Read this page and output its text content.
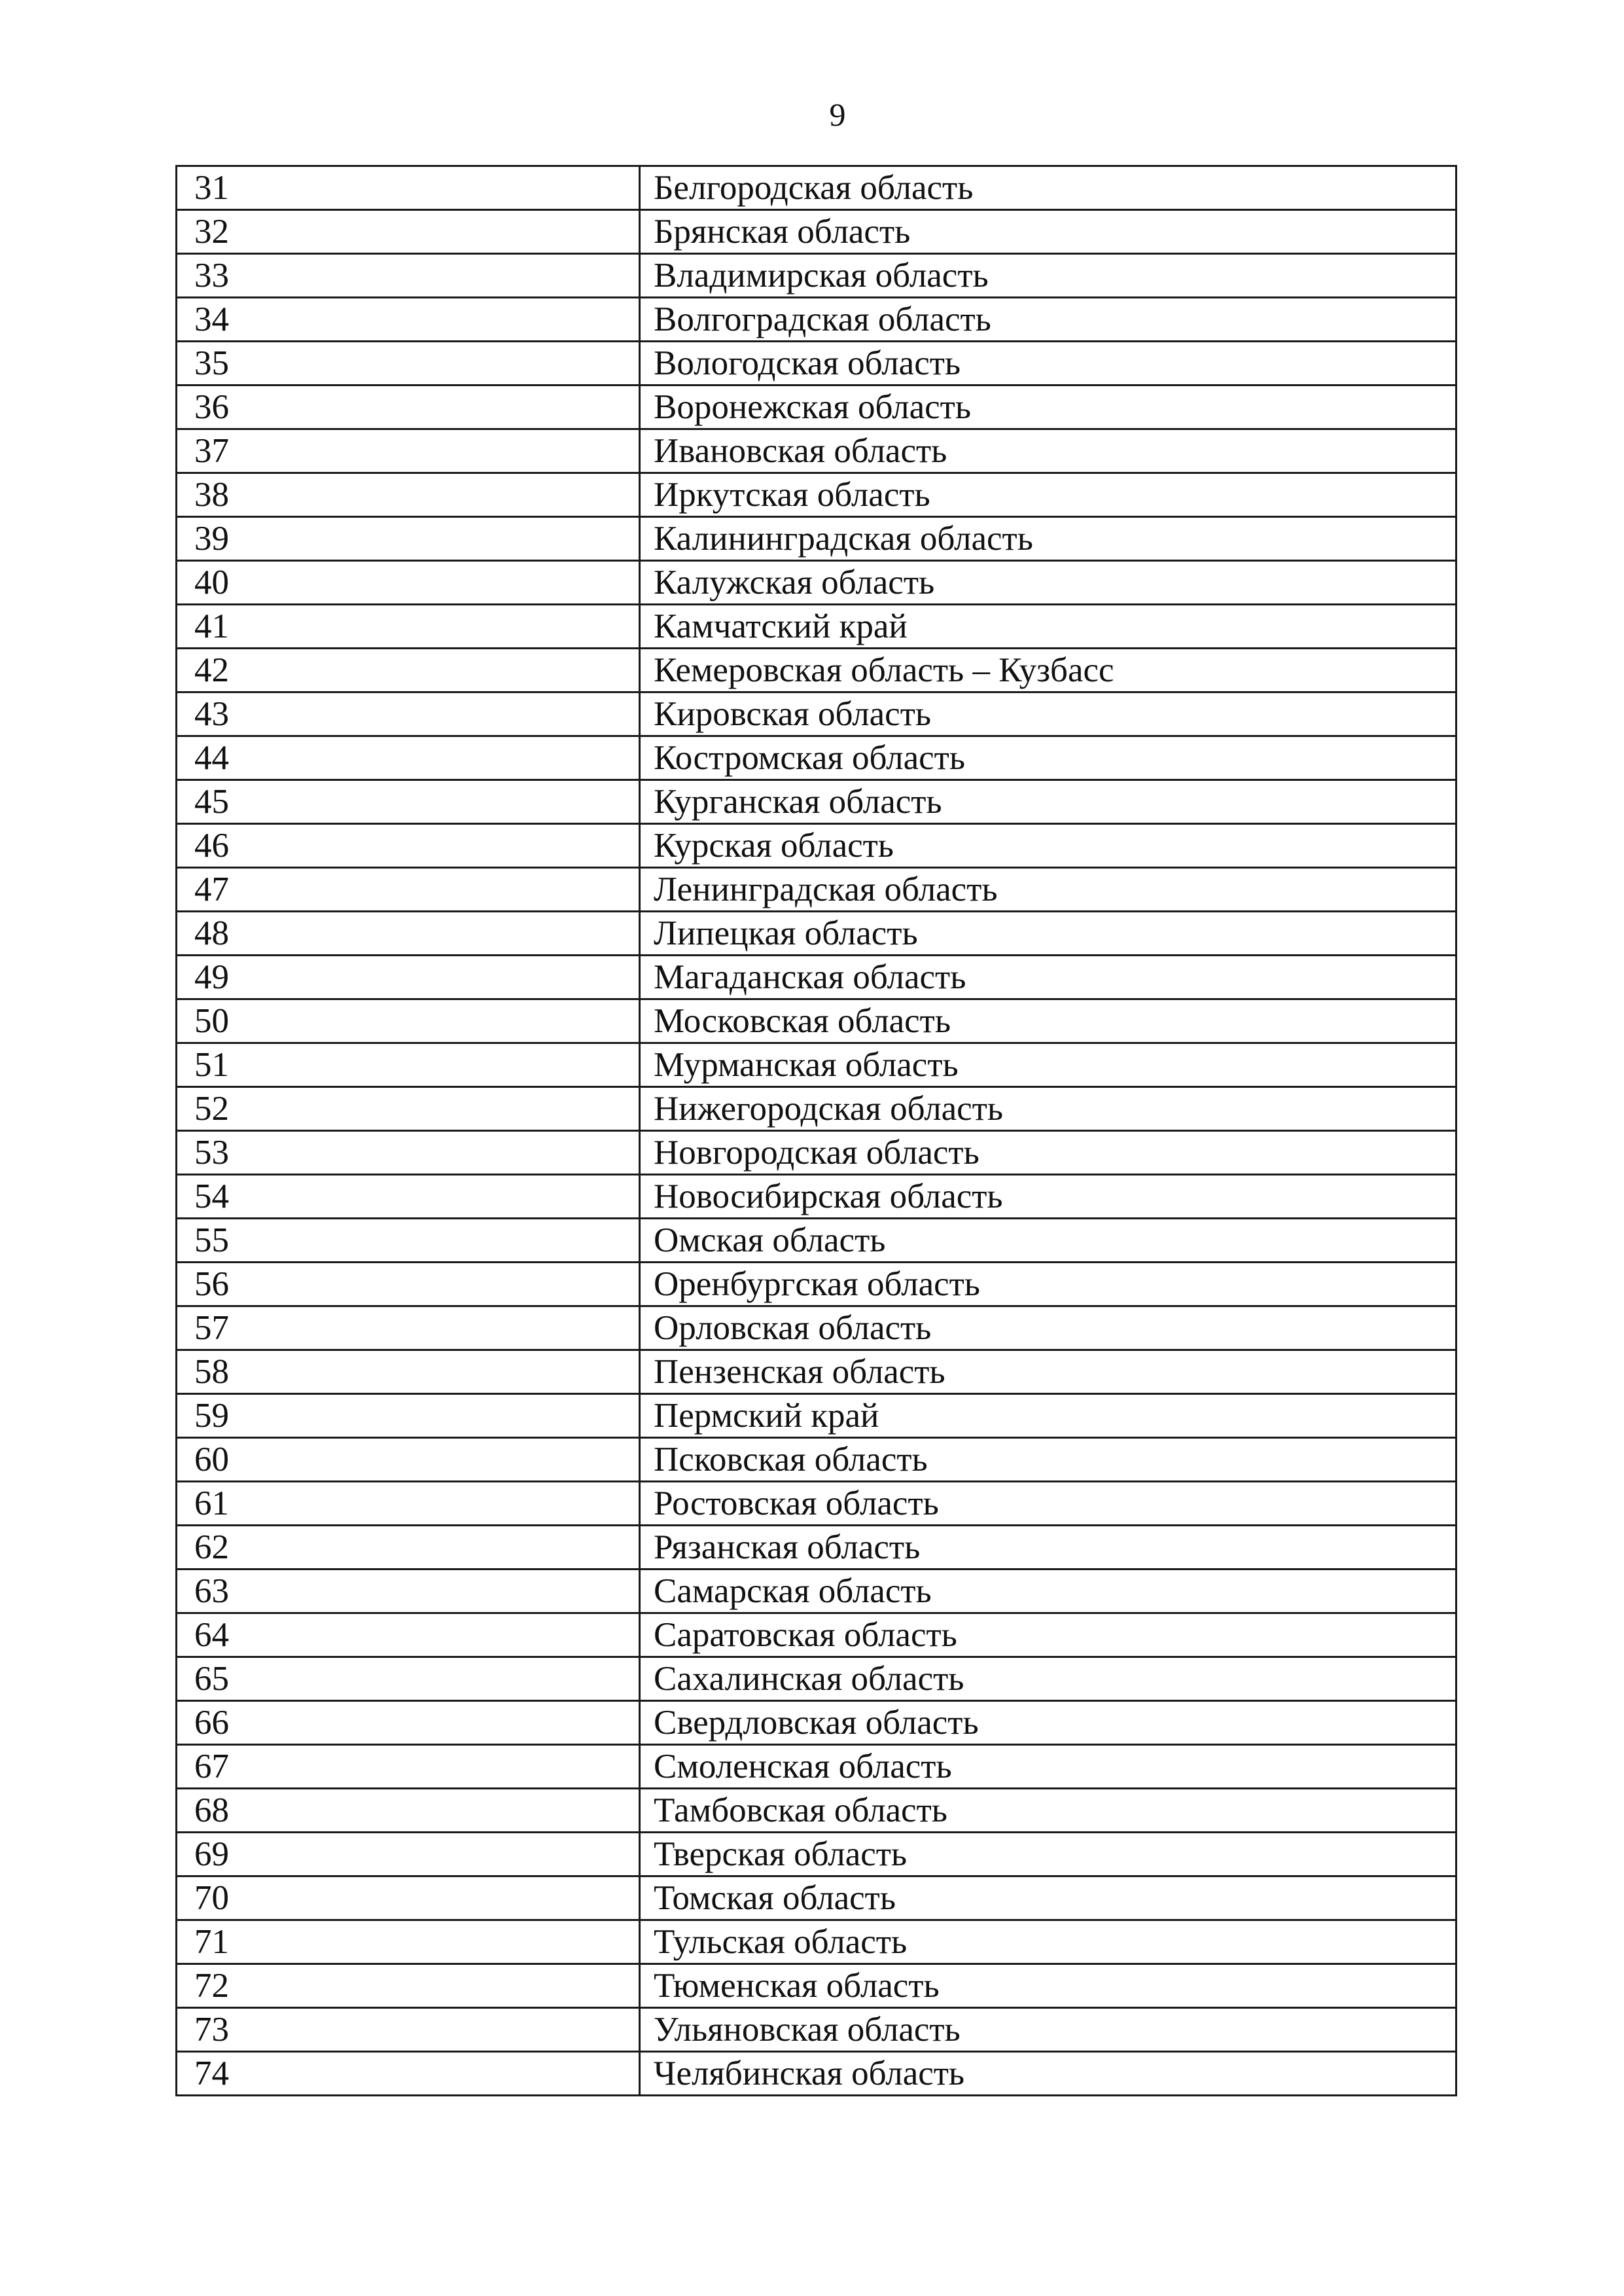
9
31	Белгородская область
32	Брянская область
33	Владимирская область
34	Волгоградская область
35	Вологодская область
36	Воронежская область
37	Ивановская область
38	Иркутская область
39	Калининградская область
40	Калужская область
41	Камчатский край
42	Кемеровская область – Кузбасс
43	Кировская область
44	Костромская область
45	Курганская область
46	Курская область
47	Ленинградская область
48	Липецкая область
49	Магаданская область
50	Московская область
51	Мурманская область
52	Нижегородская область
53	Новгородская область
54	Новосибирская область
55	Омская область
56	Оренбургская область
57	Орловская область
58	Пензенская область
59	Пермский край
60	Псковская область
61	Ростовская область
62	Рязанская область
63	Самарская область
64	Саратовская область
65	Сахалинская область
66	Свердловская область
67	Смоленская область
68	Тамбовская область
69	Тверская область
70	Томская область
71	Тульская область
72	Тюменская область
73	Ульяновская область
74	Челябинская область
